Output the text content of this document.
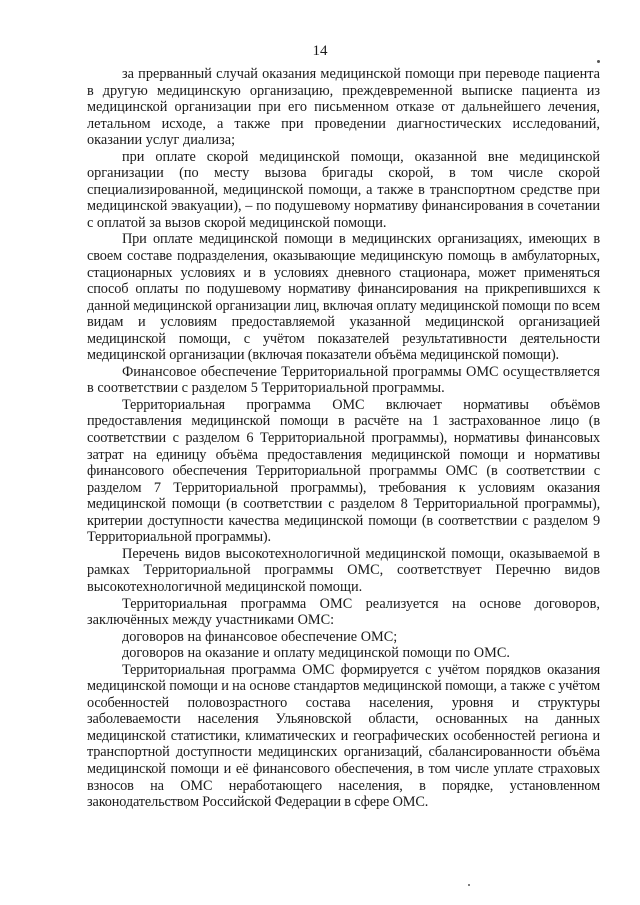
14

за прерванный случай оказания медицинской помощи при переводе пациента в другую медицинскую организацию, преждевременной выписке пациента из медицинской организации при его письменном отказе от дальнейшего лечения, летальном исходе, а также при проведении диагностических исследований, оказании услуг диализа;

при оплате скорой медицинской помощи, оказанной вне медицинской организации (по месту вызова бригады скорой, в том числе скорой специализированной, медицинской помощи, а также в транспортном средстве при медицинской эвакуации), – по подушевому нормативу финансирования в сочетании с оплатой за вызов скорой медицинской помощи.

При оплате медицинской помощи в медицинских организациях, имеющих в своем составе подразделения, оказывающие медицинскую помощь в амбулаторных, стационарных условиях и в условиях дневного стационара, может применяться способ оплаты по подушевому нормативу финансирования на прикрепившихся к данной медицинской организации лиц, включая оплату медицинской помощи по всем видам и условиям предоставляемой указанной медицинской организацией медицинской помощи, с учётом показателей результативности деятельности медицинской организации (включая показатели объёма медицинской помощи).

Финансовое обеспечение Территориальной программы ОМС осуществляется в соответствии с разделом 5 Территориальной программы.

Территориальная программа ОМС включает нормативы объёмов предоставления медицинской помощи в расчёте на 1 застрахованное лицо (в соответствии с разделом 6 Территориальной программы), нормативы финансовых затрат на единицу объёма предоставления медицинской помощи и нормативы финансового обеспечения Территориальной программы ОМС (в соответствии с разделом 7 Территориальной программы), требования к условиям оказания медицинской помощи (в соответствии с разделом 8 Территориальной программы), критерии доступности качества медицинской помощи (в соответствии с разделом 9 Территориальной программы).

Перечень видов высокотехнологичной медицинской помощи, оказываемой в рамках Территориальной программы ОМС, соответствует Перечню видов высокотехнологичной медицинской помощи.

Территориальная программа ОМС реализуется на основе договоров, заключённых между участниками ОМС:

договоров на финансовое обеспечение ОМС;

договоров на оказание и оплату медицинской помощи по ОМС.

Территориальная программа ОМС формируется с учётом порядков оказания медицинской помощи и на основе стандартов медицинской помощи, а также с учётом особенностей половозрастного состава населения, уровня и структуры заболеваемости населения Ульяновской области, основанных на данных медицинской статистики, климатических и географических особенностей региона и транспортной доступности медицинских организаций, сбалансированности объёма медицинской помощи и её финансового обеспечения, в том числе уплате страховых взносов на ОМС неработающего населения, в порядке, установленном законодательством Российской Федерации в сфере ОМС.
